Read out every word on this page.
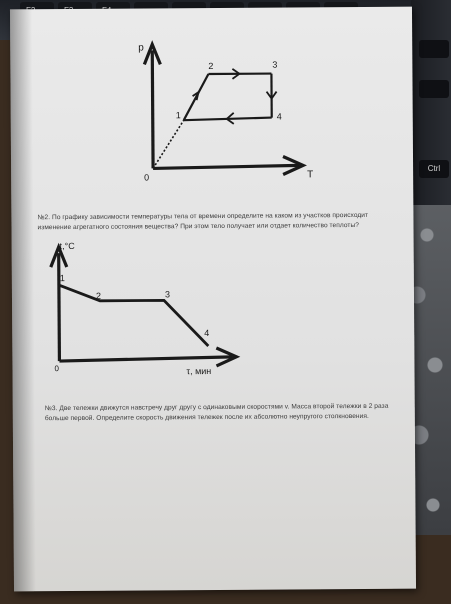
Ctrl
p
T
0
1
2	3
4
№2. По графику зависимости температуры тела от времени определите на каком из участков происходит изменение агрегатного состояния вещества? При этом тело получает или отдает количество теплоты?
t,°C
τ, мин
0
1
2	3
4
№3. Две тележки движутся навстречу друг другу с одинаковыми скоростями v. Масса второй тележки в 2 раза больше первой. Определите скорость движения тележек после их абсолютно неупругого столкновения.
